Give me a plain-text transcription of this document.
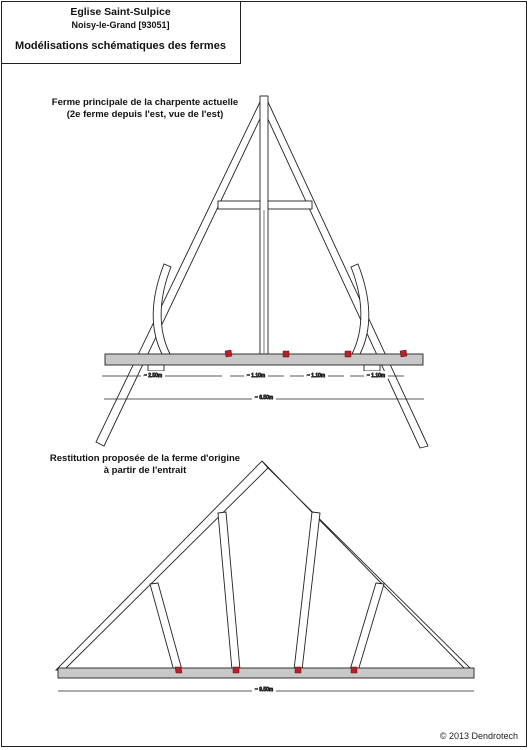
Eglise Saint-Sulpice
Noisy-le-Grand [93051]
Modélisations schématiques des fermes
Ferme principale de la charpente actuelle
(2e ferme depuis l'est, vue de l'est)
Restitution proposée de la ferme d'origine
à partir de l'entrait
~ 2.50m	~ 1.10m	~ 1.10m	~ 1.10m
~ 6.50m
~ 9.50m
© 2013 Dendrotech
